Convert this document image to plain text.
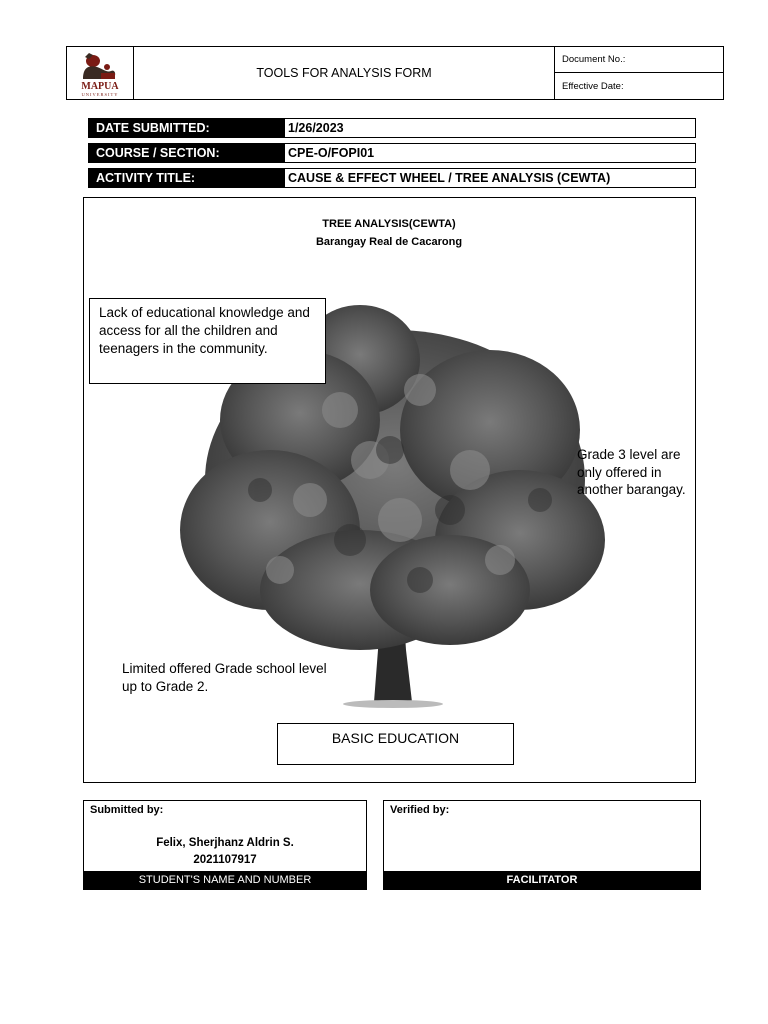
MAPUA
UNIVERSITY
TOOLS FOR ANALYSIS FORM
Document No.:
Effective Date:
DATE SUBMITTED:	1/26/2023
COURSE / SECTION:	CPE-O/FOPI01
ACTIVITY TITLE:	CAUSE & EFFECT WHEEL / TREE ANALYSIS (CEWTA)
TREE ANALYSIS(CEWTA)
Barangay Real de Cacarong
Lack of educational knowledge and access for all the children and teenagers in the community.
Grade 3 level are only offered in another barangay.
Limited offered Grade school level up to Grade 2.
BASIC EDUCATION
Submitted by:
Felix, Sherjhanz Aldrin S.
2021107917
STUDENT'S NAME AND NUMBER
Verified by:
FACILITATOR
